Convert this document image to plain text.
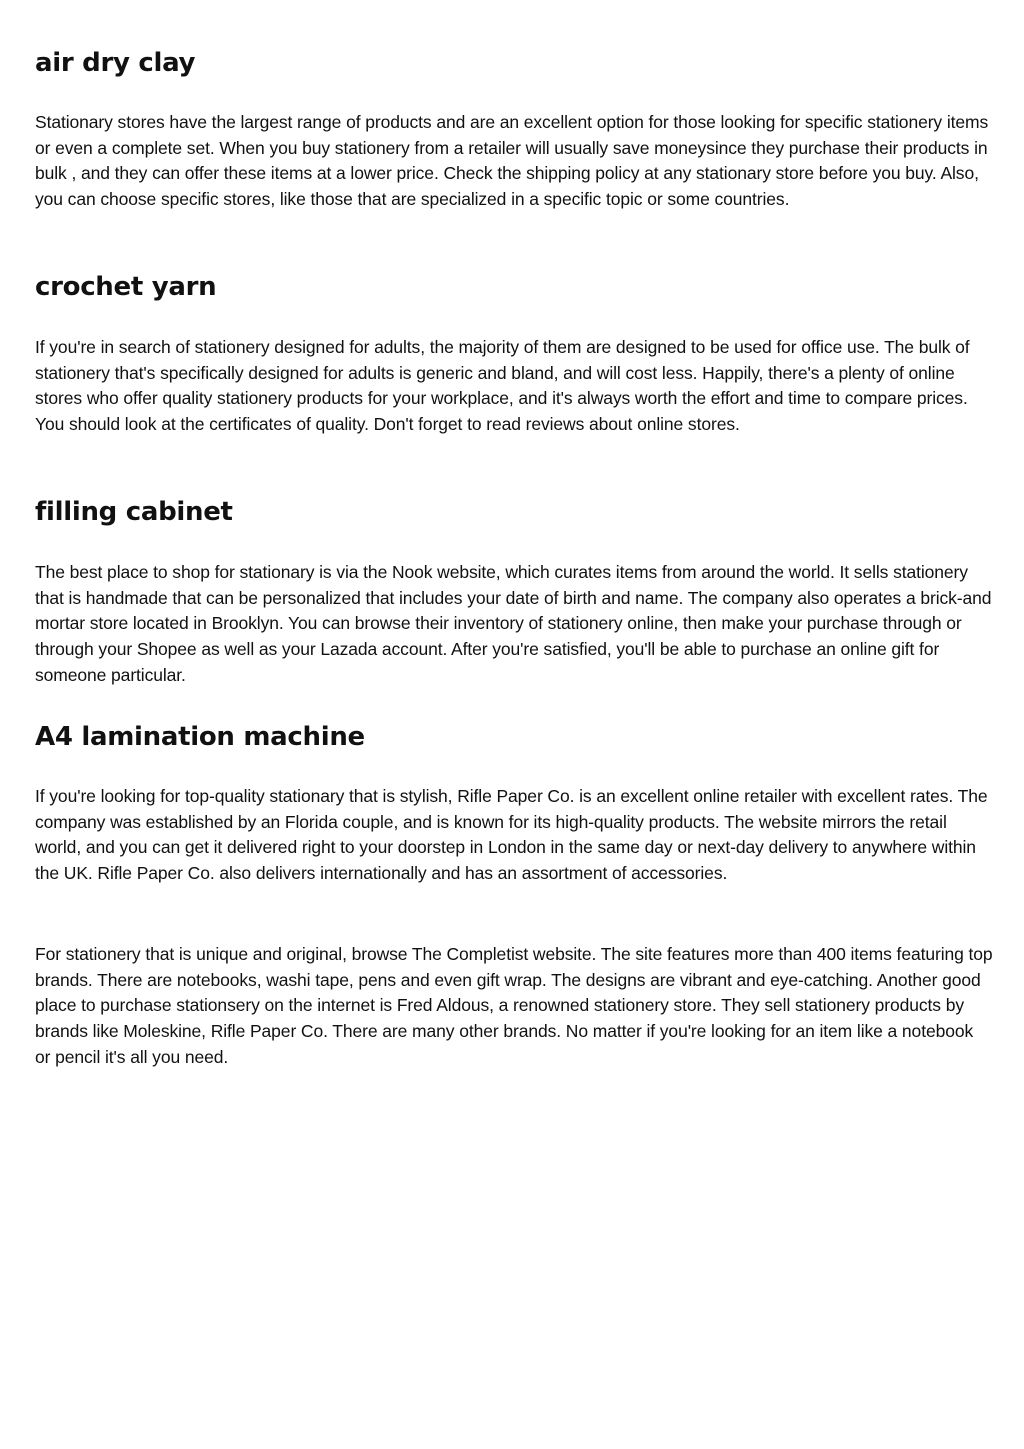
air dry clay

Stationary stores have the largest range of products and are an excellent option for those looking for specific stationery items or even a complete set. When you buy stationery from a retailer will usually save moneysince they purchase their products in bulk , and they can offer these items at a lower price. Check the shipping policy at any stationary store before you buy. Also, you can choose specific stores, like those that are specialized in a specific topic or some countries.

crochet yarn

If you're in search of stationery designed for adults, the majority of them are designed to be used for office use. The bulk of stationery that's specifically designed for adults is generic and bland, and will cost less. Happily, there's a plenty of online stores who offer quality stationery products for your workplace, and it's always worth the effort and time to compare prices. You should look at the certificates of quality. Don't forget to read reviews about online stores.

filling cabinet

The best place to shop for stationary is via the Nook website, which curates items from around the world. It sells stationery that is handmade that can be personalized that includes your date of birth and name. The company also operates a brick-and mortar store located in Brooklyn. You can browse their inventory of stationery online, then make your purchase through or through your Shopee as well as your Lazada account. After you're satisfied, you'll be able to purchase an online gift for someone particular.

A4 lamination machine

If you're looking for top-quality stationary that is stylish, Rifle Paper Co. is an excellent online retailer with excellent rates. The company was established by an Florida couple, and is known for its high-quality products. The website mirrors the retail world, and you can get it delivered right to your doorstep in London in the same day or next-day delivery to anywhere within the UK. Rifle Paper Co. also delivers internationally and has an assortment of accessories.

For stationery that is unique and original, browse The Completist website. The site features more than 400 items featuring top brands. There are notebooks, washi tape, pens and even gift wrap. The designs are vibrant and eye-catching. Another good place to purchase stationsery on the internet is Fred Aldous, a renowned stationery store. They sell stationery products by brands like Moleskine, Rifle Paper Co. There are many other brands. No matter if you're looking for an item like a notebook or pencil it's all you need.
